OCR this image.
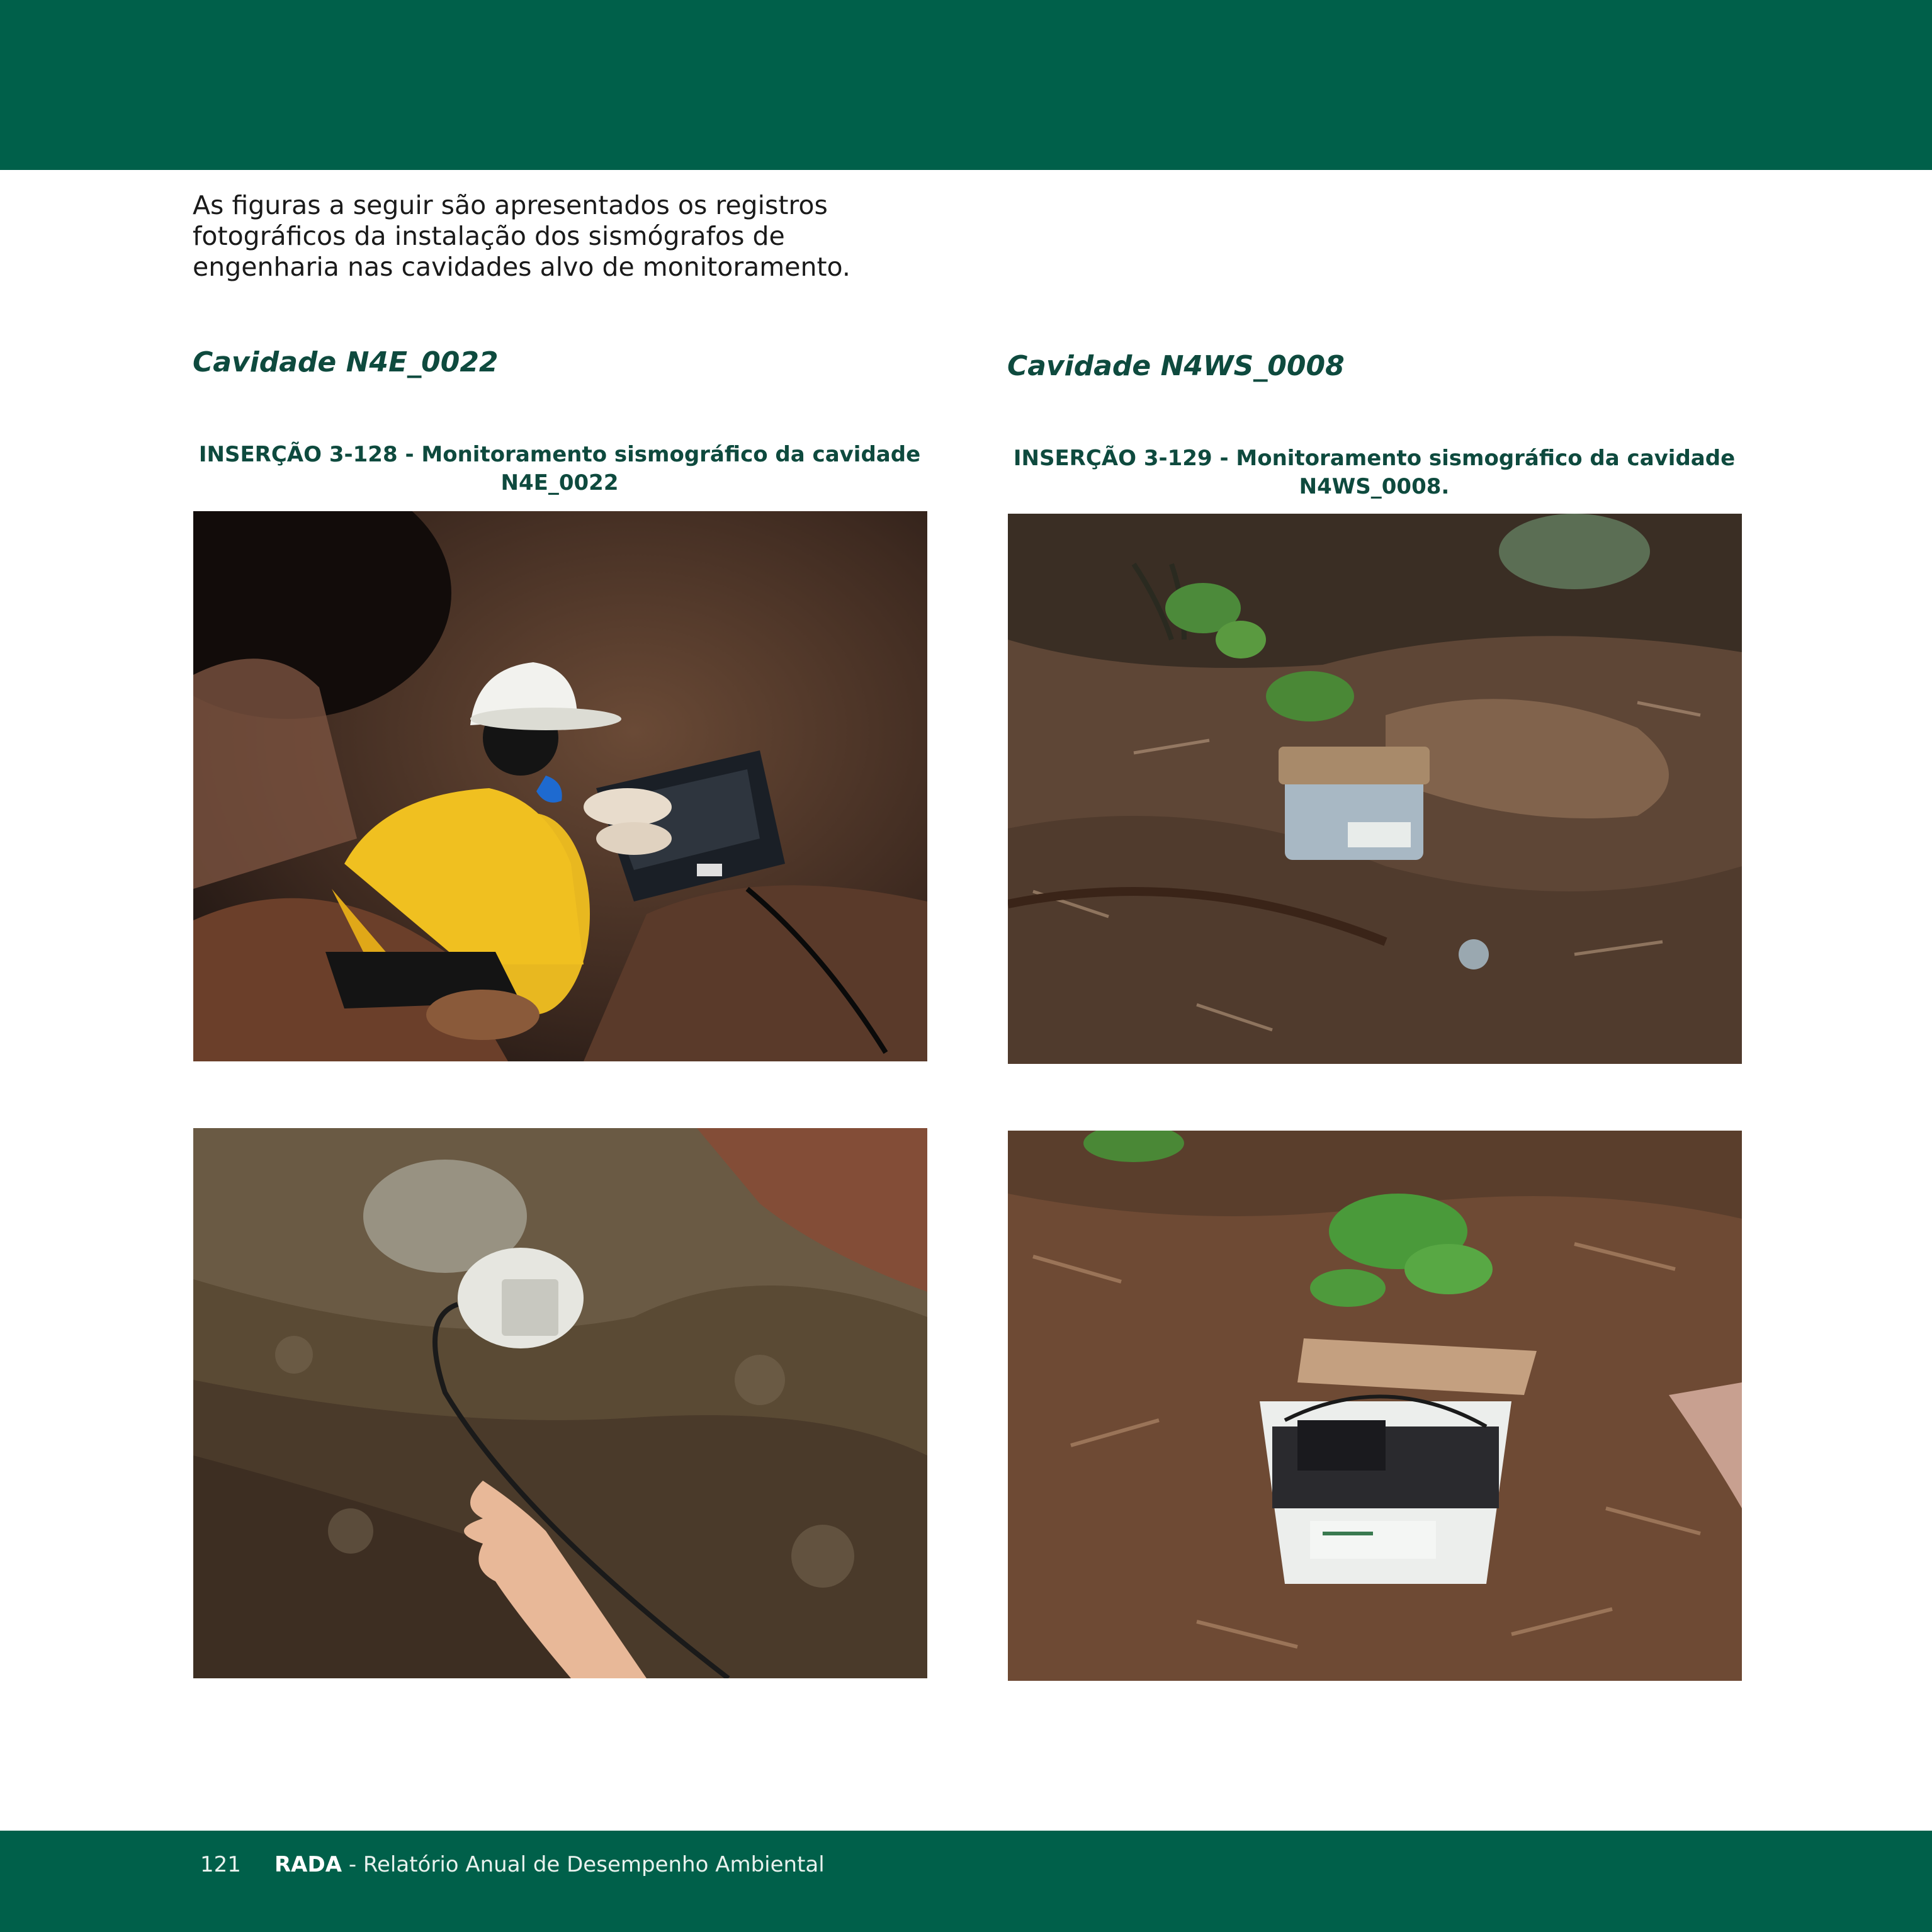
As figuras a seguir são apresentados os registros fotográficos da instalação dos sismógrafos de engenharia nas cavidades alvo de monitoramento.

Cavidade N4E_0022	Cavidade N4WS_0008

INSERÇÃO 3-128 - Monitoramento sismográfico da cavidade N4E_0022

INSERÇÃO 3-129 - Monitoramento sismográfico da cavidade N4WS_0008.

121 RADA - Relatório Anual de Desempenho Ambiental
